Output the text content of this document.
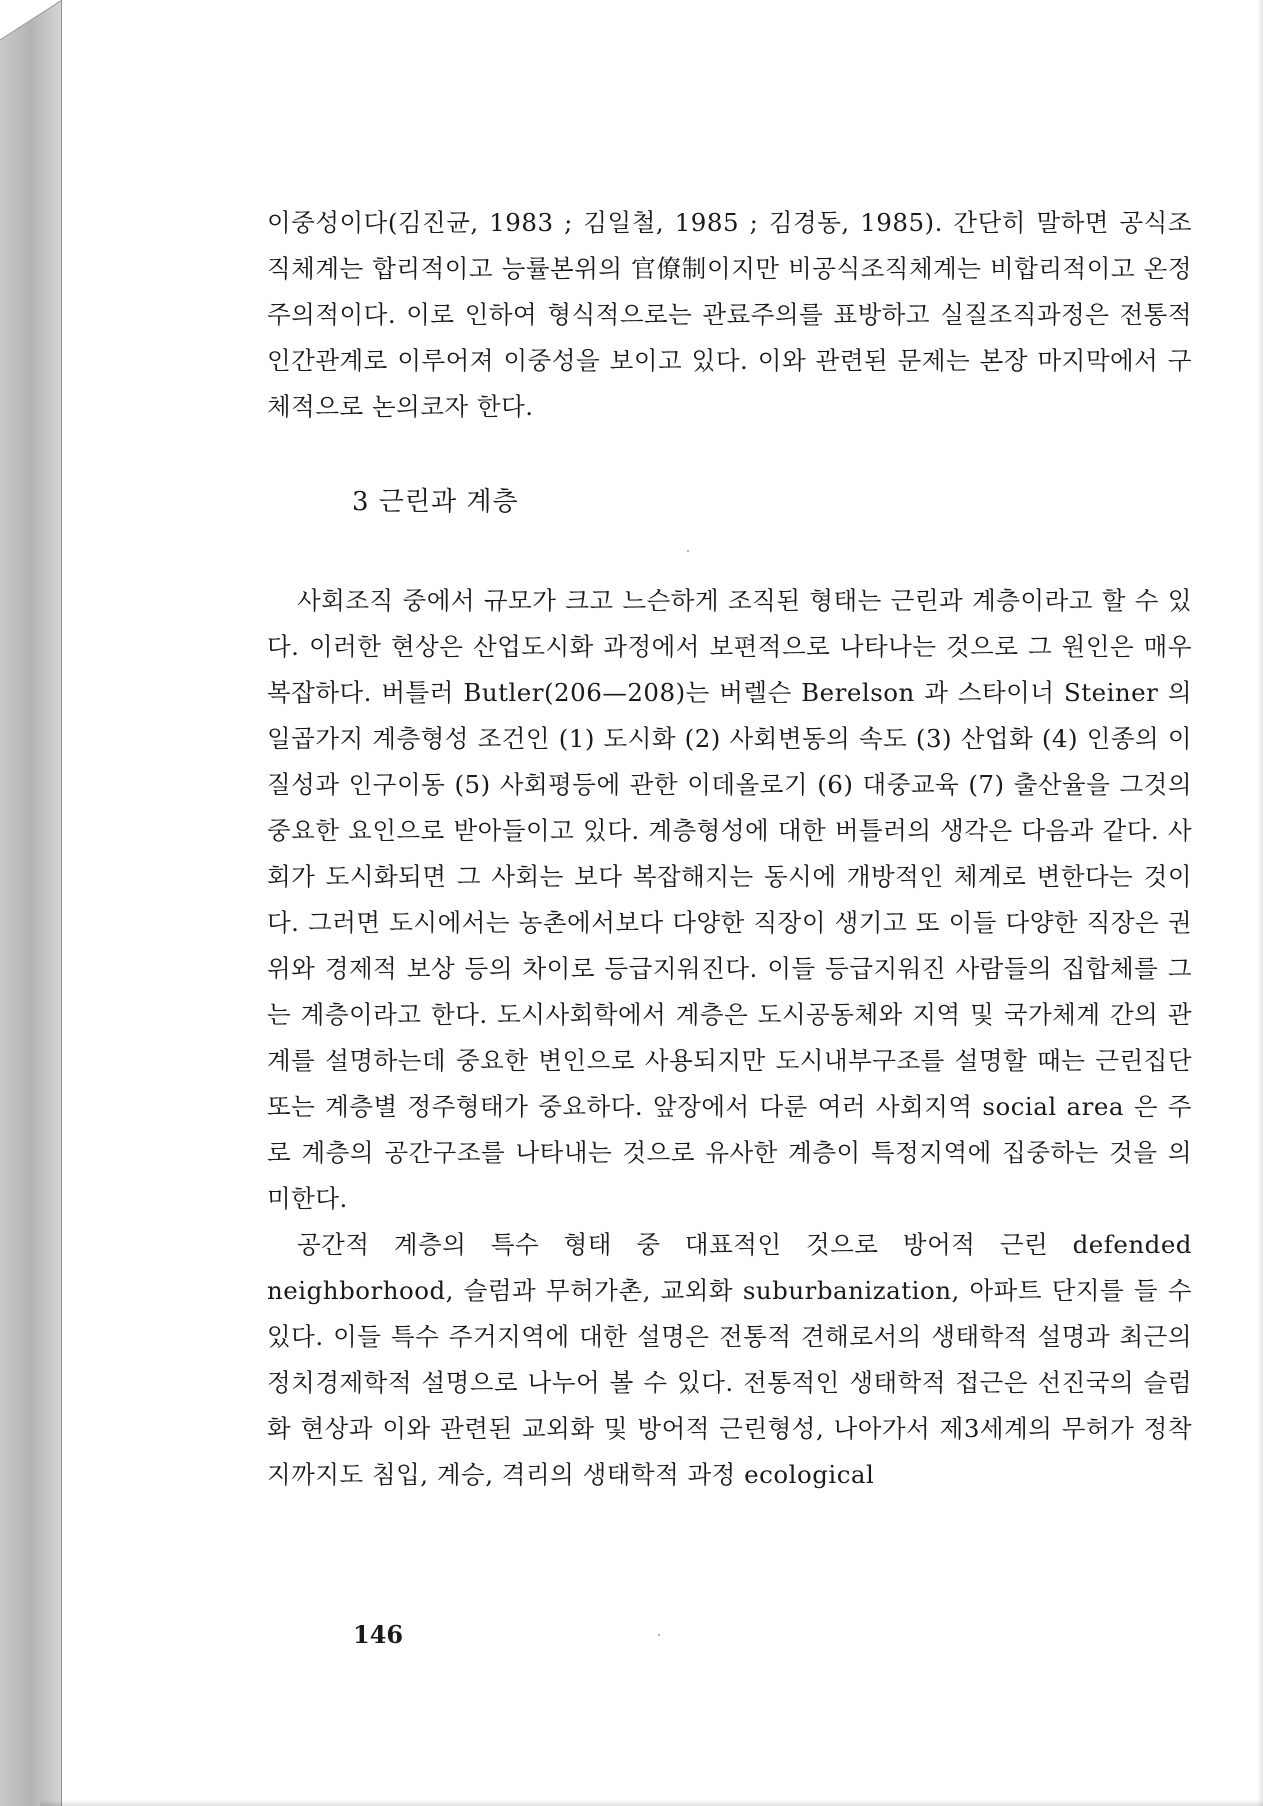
이중성이다(김진균, 1983 ; 김일철, 1985 ; 김경동, 1985). 간단히 말하면 공식조직체계는 합리적이고 능률본위의 官僚制이지만 비공식조직체계는 비합리적이고 온정주의적이다. 이로 인하여 형식적으로는 관료주의를 표방하고 실질조직과정은 전통적 인간관계로 이루어져 이중성을 보이고 있다. 이와 관련된 문제는 본장 마지막에서 구체적으로 논의코자 한다.

3 근린과 계층

사회조직 중에서 규모가 크고 느슨하게 조직된 형태는 근린과 계층이라고 할 수 있다. 이러한 현상은 산업도시화 과정에서 보편적으로 나타나는 것으로 그 원인은 매우 복잡하다. 버틀러 Butler(206—208)는 버렐슨 Berelson 과 스타이너 Steiner 의 일곱가지 계층형성 조건인 (1) 도시화 (2) 사회변동의 속도 (3) 산업화 (4) 인종의 이질성과 인구이동 (5) 사회평등에 관한 이데올로기 (6) 대중교육 (7) 출산율을 그것의 중요한 요인으로 받아들이고 있다. 계층형성에 대한 버틀러의 생각은 다음과 같다. 사회가 도시화되면 그 사회는 보다 복잡해지는 동시에 개방적인 체계로 변한다는 것이다. 그러면 도시에서는 농촌에서보다 다양한 직장이 생기고 또 이들 다양한 직장은 권위와 경제적 보상 등의 차이로 등급지워진다. 이들 등급지워진 사람들의 집합체를 그는 계층이라고 한다. 도시사회학에서 계층은 도시공동체와 지역 및 국가체계 간의 관계를 설명하는데 중요한 변인으로 사용되지만 도시내부구조를 설명할 때는 근린집단 또는 계층별 정주형태가 중요하다. 앞장에서 다룬 여러 사회지역 social area 은 주로 계층의 공간구조를 나타내는 것으로 유사한 계층이 특정지역에 집중하는 것을 의미한다.

공간적 계층의 특수 형태 중 대표적인 것으로 방어적 근린 defended neighborhood, 슬럼과 무허가촌, 교외화 suburbanization, 아파트 단지를 들 수 있다. 이들 특수 주거지역에 대한 설명은 전통적 견해로서의 생태학적 설명과 최근의 정치경제학적 설명으로 나누어 볼 수 있다. 전통적인 생태학적 접근은 선진국의 슬럼화 현상과 이와 관련된 교외화 및 방어적 근린형성, 나아가서 제3세계의 무허가 정착지까지도 침입, 계승, 격리의 생태학적 과정 ecological

146
